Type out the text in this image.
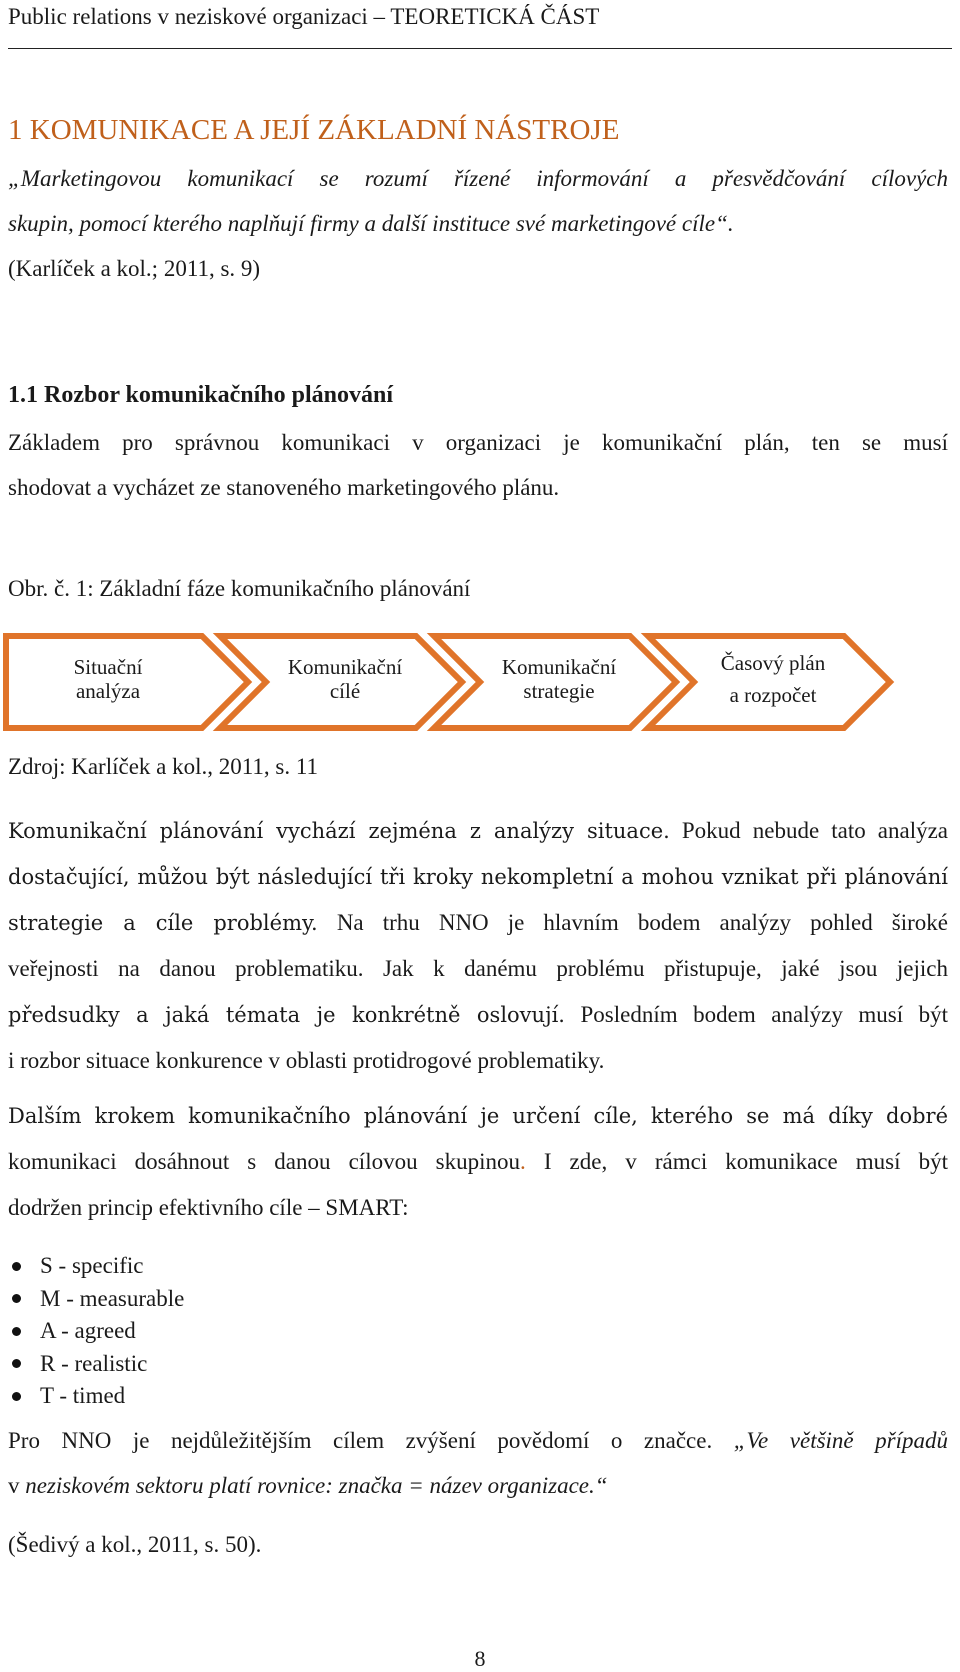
Public relations v neziskové organizaci – TEORETICKÁ ČÁST
1 KOMUNIKACE A JEJÍ ZÁKLADNÍ NÁSTROJE

„Marketingovou komunikací se rozumí řízené informování a přesvědčování cílových
skupin, pomocí kterého naplňují firmy a další instituce své marketingové cíle“.

(Karlíček a kol.; 2011, s. 9)

1.1 Rozbor komunikačního plánování

Základem pro správnou komunikaci v organizaci je komunikační plán, ten se musí
shodovat a vycházet ze stanoveného marketingového plánu.

Obr. č. 1: Základní fáze komunikačního plánování

Situační
analýza
Komunikační
cílé
Komunikační
strategie
Časový plán
a rozpočet

Zdroj: Karlíček a kol., 2011, s. 11

Komunikační plánování vychází zejména z analýzy situace. Pokud nebude tato analýza
dostačující, můžou být následující tři kroky nekompletní a mohou vznikat při plánování
strategie a cíle problémy. Na trhu NNO je hlavním bodem analýzy pohled široké
veřejnosti na danou problematiku. Jak k danému problému přistupuje, jaké jsou jejich
předsudky a jaká témata je konkrétně oslovují. Posledním bodem analýzy musí být
i rozbor situace konkurence v oblasti protidrogové problematiky.

Dalším krokem komunikačního plánování je určení cíle, kterého se má díky dobré
komunikaci dosáhnout s danou cílovou skupinou. I zde, v rámci komunikace musí být
dodržen princip efektivního cíle – SMART:

S - specific
M - measurable
A - agreed
R - realistic
T - timed

Pro NNO je nejdůležitějším cílem zvýšení povědomí o značce. „Ve většině případů
v neziskovém sektoru platí rovnice: značka = název organizace.“

(Šedivý a kol., 2011, s. 50).

8
